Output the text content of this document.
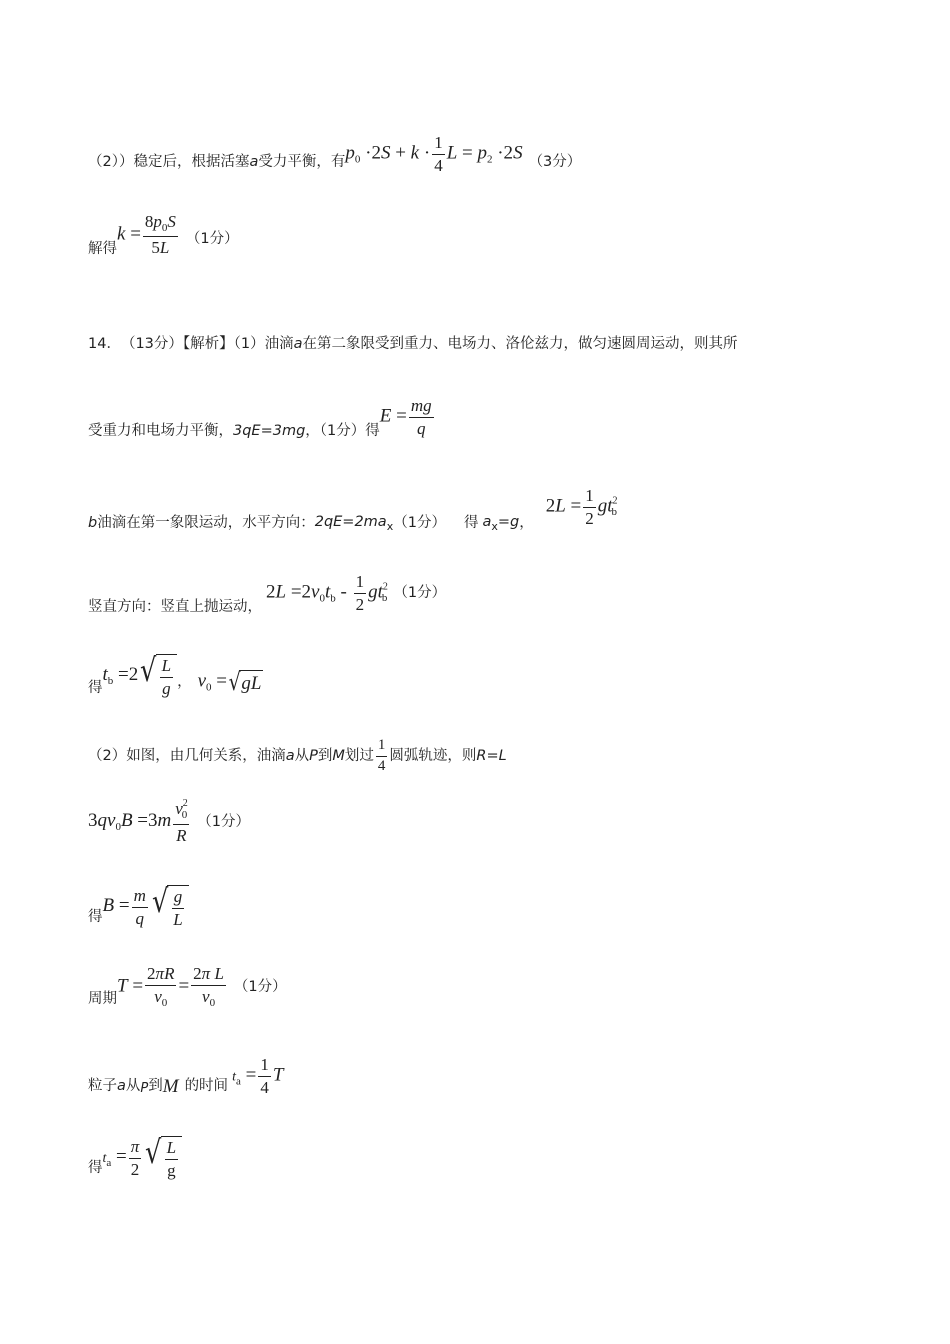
（2））稳定后，根据活塞 a 受力平衡，有 $p_0 \cdot 2S + k \cdot \frac{1}{4}$ $L = p_2 \cdot 2S$ （3分）
解得
$k = \frac{8p_0S}{5L} (1$分）
14． （13分）【解析】（1）油滴 a 在第二象限受到重力、电场力、洛伦兹力，做匀速圆周运动，则其所
受重力和电场力平衡， 3qE=3mg ，（1分）得
$E = \frac{mg}{q}$
b 油滴在第一象限运动，水平方向： $2qE=2ma_x$ （1分） 得 $a_x=g$ ，
$2L = \frac{1}{2} gt^2_b$
竖直方向：竖直上抛运动，
$2L =2v_0t_b - \frac{1}{2} gt^2_b$ （1分）
得
$t_b =2$ √ $\frac{L}{g}$ ， $v_0$ = √ gL
（2）如图，由几何关系，油滴 a 从 P 到 M 划过 $\frac{1}{4}$ 圆弧轨迹，则 R=L
$3qv_0B =3m \frac{v^2_0}{R} (1$分）
得
$B = \frac{m}{q}$ √ $\frac{g}{L}$
周期
$T = \frac{2\pi R}{v_0} = \frac{\text{2π L}}{v_0} (1$分）
粒子 a 从 P 到 M 的时间
$t_a = \frac{1}{4}$ T
得
$t_a = \frac{\pi}{2}$ √ $\frac{L}{g}$
